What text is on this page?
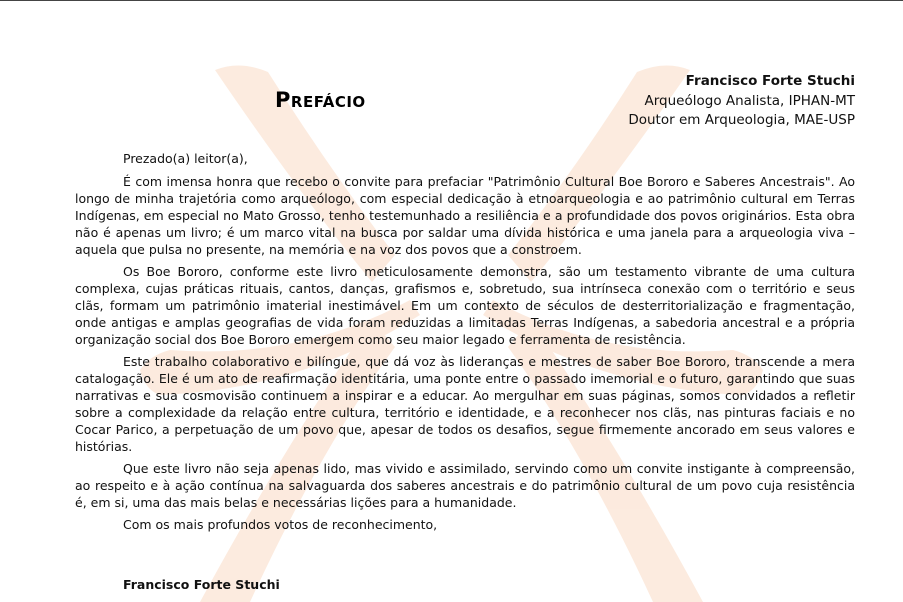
Prefácio
Francisco Forte Stuchi
Arqueólogo Analista, IPHAN-MT
Doutor em Arqueologia, MAE-USP

Prezado(a) leitor(a),

É com imensa honra que recebo o convite para prefaciar "Patrimônio Cultural Boe Bororo e Saberes Ancestrais". Ao longo de minha trajetória como arqueólogo, com especial dedicação à etnoarqueologia e ao patrimônio cultural em Terras Indígenas, em especial no Mato Grosso, tenho testemunhado a resiliência e a profundidade dos povos originários. Esta obra não é apenas um livro; é um marco vital na busca por saldar uma dívida histórica e uma janela para a arqueologia viva – aquela que pulsa no presente, na memória e na voz dos povos que a constroem.

Os Boe Bororo, conforme este livro meticulosamente demonstra, são um testamento vibrante de uma cultura complexa, cujas práticas rituais, cantos, danças, grafismos e, sobretudo, sua intrínseca conexão com o território e seus clãs, formam um patrimônio imaterial inestimável. Em um contexto de séculos de desterritorialização e fragmentação, onde antigas e amplas geografias de vida foram reduzidas a limitadas Terras Indígenas, a sabedoria ancestral e a própria organização social dos Boe Bororo emergem como seu maior legado e ferramenta de resistência.

Este trabalho colaborativo e bilíngue, que dá voz às lideranças e mestres de saber Boe Bororo, transcende a mera catalogação. Ele é um ato de reafirmação identitária, uma ponte entre o passado imemorial e o futuro, garantindo que suas narrativas e sua cosmovisão continuem a inspirar e a educar. Ao mergulhar em suas páginas, somos convidados a refletir sobre a complexidade da relação entre cultura, território e identidade, e a reconhecer nos clãs, nas pinturas faciais e no Cocar Parico, a perpetuação de um povo que, apesar de todos os desafios, segue firmemente ancorado em seus valores e histórias.

Que este livro não seja apenas lido, mas vivido e assimilado, servindo como um convite instigante à compreensão, ao respeito e à ação contínua na salvaguarda dos saberes ancestrais e do patrimônio cultural de um povo cuja resistência é, em si, uma das mais belas e necessárias lições para a humanidade.

Com os mais profundos votos de reconhecimento,

Francisco Forte Stuchi
